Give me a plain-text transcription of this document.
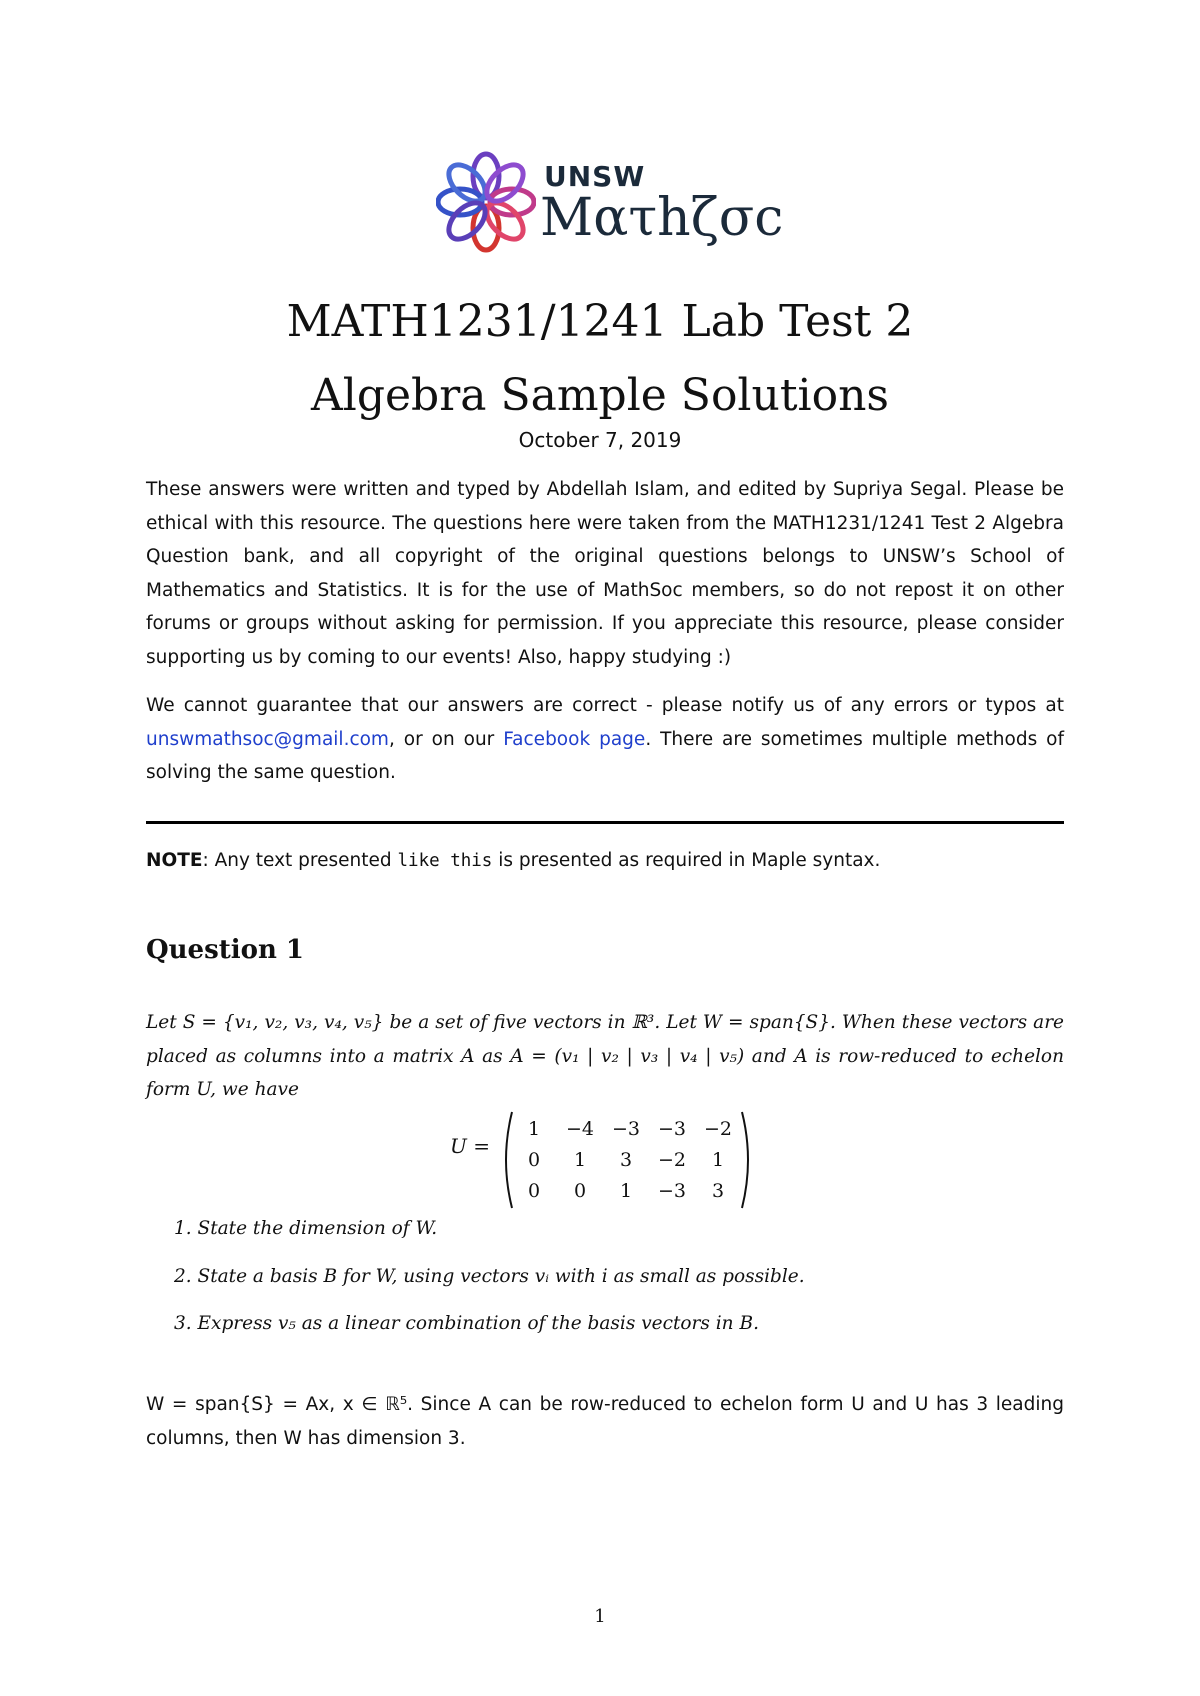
UNSW
Ματhζσc
MATH1231/1241 Lab Test 2
Algebra Sample Solutions
October 7, 2019
These answers were written and typed by Abdellah Islam, and edited by Supriya Segal. Please be ethical with this resource. The questions here were taken from the MATH1231/1241 Test 2 Algebra Question bank, and all copyright of the original questions belongs to UNSW’s School of Mathematics and Statistics. It is for the use of MathSoc members, so do not repost it on other forums or groups without asking for permission. If you appreciate this resource, please consider supporting us by coming to our events! Also, happy studying :)
We cannot guarantee that our answers are correct - please notify us of any errors or typos at unswmathsoc@gmail.com, or on our Facebook page. There are sometimes multiple methods of solving the same question.
NOTE: Any text presented like this is presented as required in Maple syntax.
Question 1
Let S = {v₁, v₂, v₃, v₄, v₅} be a set of five vectors in ℝ³. Let W = span{S}. When these vectors are placed as columns into a matrix A as A = (v₁ | v₂ | v₃ | v₄ | v₅) and A is row-reduced to echelon form U, we have
U =
1	−4 −3 −3 −2
0	1	3	−2	1
0	0	1	−3	3
1. State the dimension of W.
2. State a basis B for W, using vectors vᵢ with i as small as possible.
3. Express v₅ as a linear combination of the basis vectors in B.
W = span{S} = Ax, x ∈ ℝ⁵. Since A can be row-reduced to echelon form U and U has 3 leading columns, then W has dimension 3.
1
